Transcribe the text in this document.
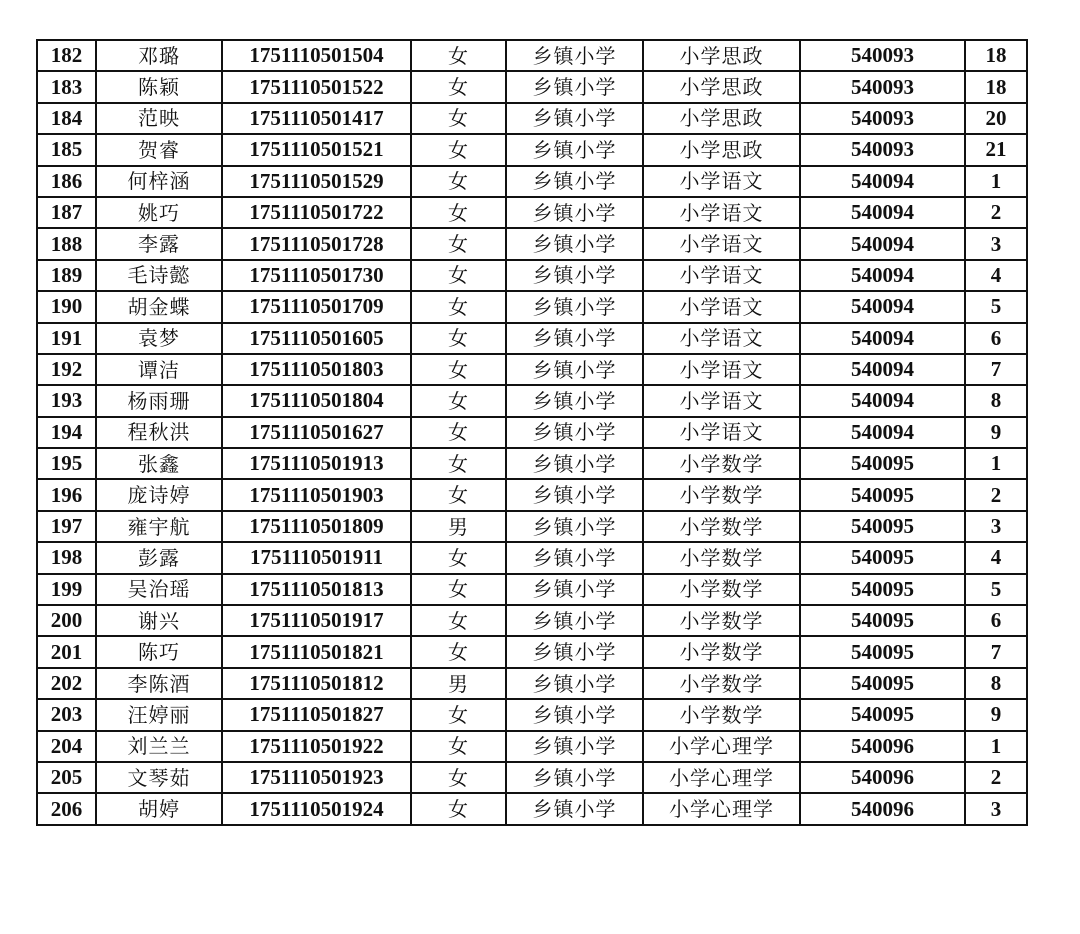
182	邓璐	1751110501504	女	乡镇小学	小学思政	540093	18
183	陈颖	1751110501522	女	乡镇小学	小学思政	540093	18
184	范映	1751110501417	女	乡镇小学	小学思政	540093	20
185	贺睿	1751110501521	女	乡镇小学	小学思政	540093	21
186	何梓涵	1751110501529	女	乡镇小学	小学语文	540094	1
187	姚巧	1751110501722	女	乡镇小学	小学语文	540094	2
188	李露	1751110501728	女	乡镇小学	小学语文	540094	3
189	毛诗懿	1751110501730	女	乡镇小学	小学语文	540094	4
190	胡金蝶	1751110501709	女	乡镇小学	小学语文	540094	5
191	袁梦	1751110501605	女	乡镇小学	小学语文	540094	6
192	谭洁	1751110501803	女	乡镇小学	小学语文	540094	7
193	杨雨珊	1751110501804	女	乡镇小学	小学语文	540094	8
194	程秋洪	1751110501627	女	乡镇小学	小学语文	540094	9
195	张鑫	1751110501913	女	乡镇小学	小学数学	540095	1
196	庞诗婷	1751110501903	女	乡镇小学	小学数学	540095	2
197	雍宇航	1751110501809	男	乡镇小学	小学数学	540095	3
198	彭露	1751110501911	女	乡镇小学	小学数学	540095	4
199	吴治瑶	1751110501813	女	乡镇小学	小学数学	540095	5
200	谢兴	1751110501917	女	乡镇小学	小学数学	540095	6
201	陈巧	1751110501821	女	乡镇小学	小学数学	540095	7
202	李陈酒	1751110501812	男	乡镇小学	小学数学	540095	8
203	汪婷丽	1751110501827	女	乡镇小学	小学数学	540095	9
204	刘兰兰	1751110501922	女	乡镇小学	小学心理学	540096	1
205	文琴茹	1751110501923	女	乡镇小学	小学心理学	540096	2
206	胡婷	1751110501924	女	乡镇小学	小学心理学	540096	3
